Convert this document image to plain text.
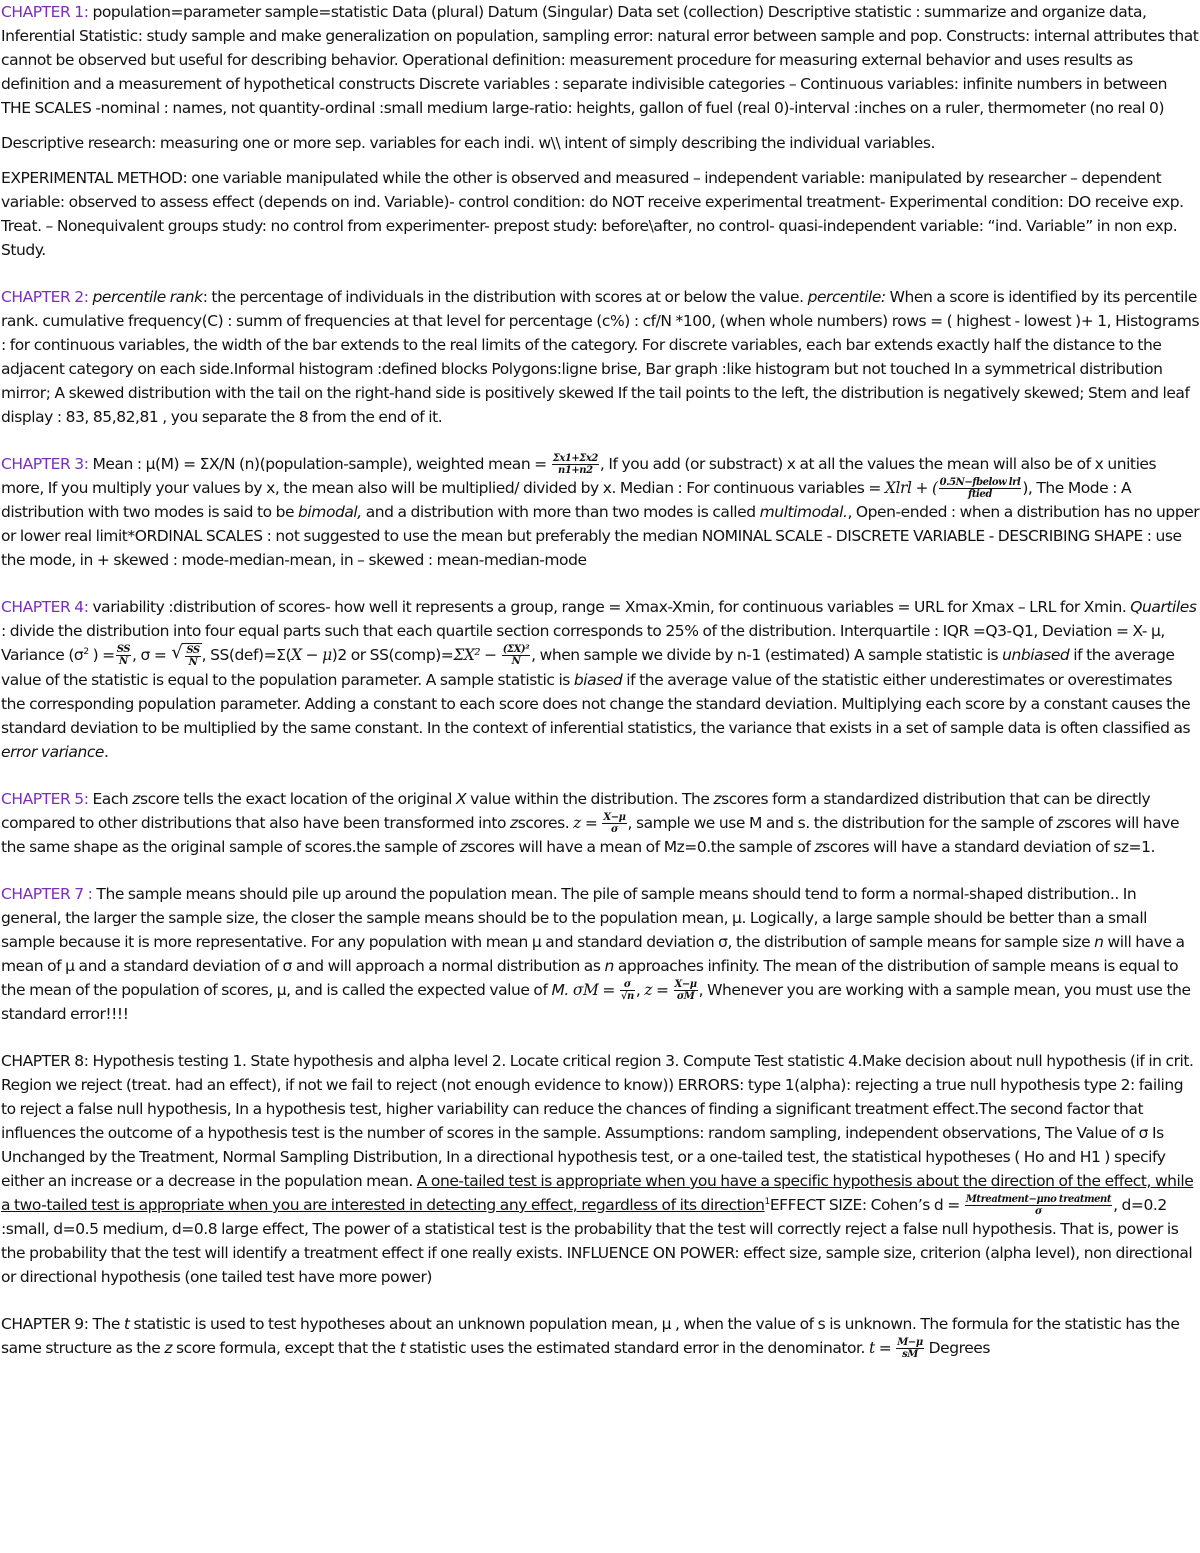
CHAPTER 1: population=parameter sample=statistic Data (plural) Datum (Singular) Data set (collection) Descriptive statistic : summarize and organize data, Inferential Statistic: study sample and make generalization on population, sampling error: natural error between sample and pop. Constructs: internal attributes that cannot be observed but useful for describing behavior. Operational definition: measurement procedure for measuring external behavior and uses results as definition and a measurement of hypothetical constructs Discrete variables : separate indivisible categories – Continuous variables: infinite numbers in between THE SCALES -nominal : names, not quantity-ordinal :small medium large-ratio: heights, gallon of fuel (real 0)-interval :inches on a ruler, thermometer (no real 0)

Descriptive research: measuring one or more sep. variables for each indi. w\\ intent of simply describing the individual variables.

EXPERIMENTAL METHOD: one variable manipulated while the other is observed and measured – independent variable: manipulated by researcher – dependent variable: observed to assess effect (depends on ind. Variable)- control condition: do NOT receive experimental treatment- Experimental condition: DO receive exp. Treat. – Nonequivalent groups study: no control from experimenter- prepost study: before\after, no control- quasi-independent variable: “ind. Variable” in non exp. Study.

CHAPTER 2: percentile rank: the percentage of individuals in the distribution with scores at or below the value. percentile: When a score is identified by its percentile rank. cumulative frequency(C) : summ of frequencies at that level for percentage (c%) : cf/N *100, (when whole numbers) rows = ( highest - lowest )+ 1, Histograms : for continuous variables, the width of the bar extends to the real limits of the category. For discrete variables, each bar extends exactly half the distance to the adjacent category on each side.Informal histogram :defined blocks Polygons:ligne brise, Bar graph :like histogram but not touched In a symmetrical distribution mirror; A skewed distribution with the tail on the right-hand side is positively skewed If the tail points to the left, the distribution is negatively skewed; Stem and leaf display : 83, 85,82,81 , you separate the 8 from the end of it.

CHAPTER 3: Mean : μ(M) = ΣX/N (n)(population-sample), weighted mean = $\frac{\Sigma x1+\Sigma x2}{n1+n2}$ , If you add (or substract) x at all the values the mean will also be of x unities more, If you multiply your values by x, the mean also will be multiplied/ divided by x. Median : For continuous variables = Xlrl + ( $\frac{\text{0.5N−fbelow lrl}}{\text{ftied}}$ ), The Mode : A distribution with two modes is said to be bimodal, and a distribution with more than two modes is called multimodal., Open-ended : when a distribution has no upper or lower real limit*ORDINAL SCALES : not suggested to use the mean but preferably the median NOMINAL SCALE - DISCRETE VARIABLE - DESCRIBING SHAPE : use the mode, in + skewed : mode-median-mean, in – skewed : mean-median-mode

CHAPTER 4: variability :distribution of scores- how well it represents a group, range = Xmax-Xmin, for continuous variables = URL for Xmax – LRL for Xmin. Quartiles : divide the distribution into four equal parts such that each quartile section corresponds to 25% of the distribution. Interquartile : IQR =Q3-Q1, Deviation = X- μ, Variance ($\sigma^2$ ) = $\frac{SS}{N}$ , σ =
√ $\frac{SS}{N}$ , SS(def)=Σ(X − μ)2 or SS(comp)=ΣX² − $\frac{\text{(ΣX)²}}{N}$ , when sample we divide by n-1 (estimated) A sample statistic is unbiased if the average value of the statistic is equal to the population parameter. A sample statistic is biased if the average value of the statistic either underestimates or overestimates the corresponding population parameter. Adding a constant to each score does not change the standard deviation. Multiplying each score by a constant causes the standard deviation to be multiplied by the same constant. In the context of inferential statistics, the variance that exists in a set of sample data is often classified as error variance.

CHAPTER 5: Each zscore tells the exact location of the original X value within the distribution. The zscores form a standardized distribution that can be directly compared to other distributions that also have been transformed into zscores. $z = \frac{X-\mu}{\sigma}$ , sample we use M and s. the distribution for the sample of zscores will have the same shape as the original sample of scores.the sample of zscores will have a mean of Mz=0.the sample of zscores will have a standard deviation of sz=1.

CHAPTER 7 : The sample means should pile up around the population mean. The pile of sample means should tend to form a normal-shaped distribution.. In general, the larger the sample size, the closer the sample means should be to the population mean, μ. Logically, a large sample should be better than a small sample because it is more representative. For any population with mean μ and standard deviation σ, the distribution of sample means for sample size n will have a mean of μ and a standard deviation of σ and will approach a normal distribution as n approaches infinity. The mean of the distribution of sample means is equal to the mean of the population of scores, μ, and is called the expected value of M. $\sigma M = \frac{\sigma}{√n}$ , $z = \frac{X-\mu}{\sigma M}$ , Whenever you are working with a sample mean, you must use the standard error!!!!

CHAPTER 8: Hypothesis testing 1. State hypothesis and alpha level 2. Locate critical region 3. Compute Test statistic 4.Make decision about null hypothesis (if in crit. Region we reject (treat. had an effect), if not we fail to reject (not enough evidence to know)) ERRORS: type 1(alpha): rejecting a true null hypothesis type 2: failing to reject a false null hypothesis, In a hypothesis test, higher variability can reduce the chances of finding a significant treatment effect.The second factor that influences the outcome of a hypothesis test is the number of scores in the sample. Assumptions: random sampling, independent observations, The Value of σ Is Unchanged by the Treatment, Normal Sampling Distribution, In a directional hypothesis test, or a one-tailed test, the statistical hypotheses ( Ho and H1 ) specify either an increase or a decrease in the population mean. A one-tailed test is appropriate when you have a specific hypothesis about the direction of the effect, while a two-tailed test is appropriate when you are interested in detecting any effect, regardless of its direction$^1$EFFECT SIZE: Cohen’s $d = \frac{\text{Mtreatment−μno treatment}}{\sigma}$ , d=0.2 :small, d=0.5 medium, d=0.8 large effect, The power of a statistical test is the probability that the test will correctly reject a false null hypothesis. That is, power is the probability that the test will identify a treatment effect if one really exists. INFLUENCE ON POWER: effect size, sample size, criterion (alpha level), non directional or directional hypothesis (one tailed test have more power)

CHAPTER 9: The t statistic is used to test hypotheses about an unknown population mean, μ , when the value of s is unknown. The formula for the statistic has the same structure as the z score formula, except that the t statistic uses the estimated standard error in the denominator. $t = \frac{M-\mu}{sM}$ Degrees
